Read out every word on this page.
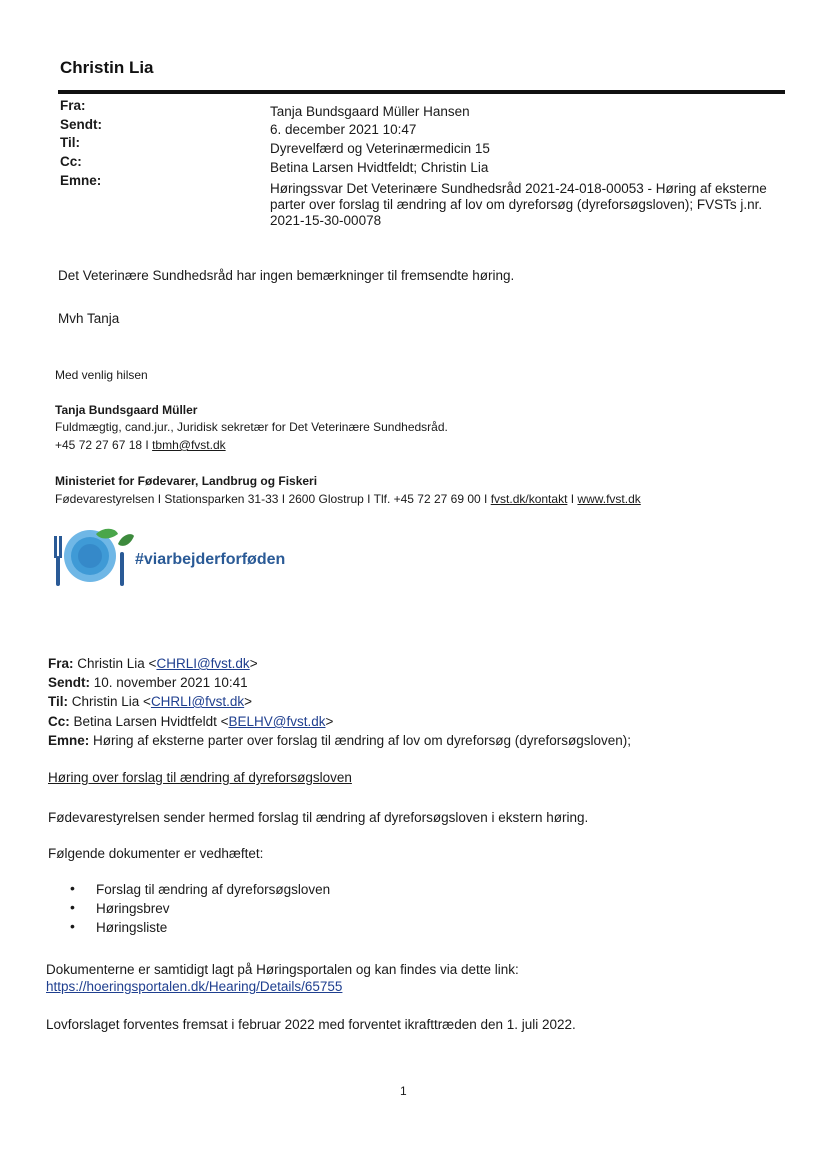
Christin Lia
Fra:
Sendt:
Til:
Cc:
Emne:
Tanja Bundsgaard Müller Hansen
6. december 2021 10:47
Dyrevelfærd og Veterinærmedicin 15
Betina Larsen Hvidtfeldt; Christin Lia
Høringssvar Det Veterinære Sundhedsråd 2021-24-018-00053 - Høring af eksterne
parter over forslag til ændring af lov om dyreforsøg (dyreforsøgsloven); FVSTs j.nr.
2021-15-30-00078
Det Veterinære Sundhedsråd har ingen bemærkninger til fremsendte høring.
Mvh Tanja
Med venlig hilsen
Tanja Bundsgaard Müller
Fuldmægtig, cand.jur., Juridisk sekretær for Det Veterinære Sundhedsråd.
+45 72 27 67 18 I tbmh@fvst.dk
Ministeriet for Fødevarer, Landbrug og Fiskeri
Fødevarestyrelsen I Stationsparken 31-33 I 2600 Glostrup I Tlf. +45 72 27 69 00 I fvst.dk/kontakt I www.fvst.dk
#viarbejderforføden
Fra: Christin Lia <CHRLI@fvst.dk>
Sendt: 10. november 2021 10:41
Til: Christin Lia <CHRLI@fvst.dk>
Cc: Betina Larsen Hvidtfeldt <BELHV@fvst.dk>
Emne: Høring af eksterne parter over forslag til ændring af lov om dyreforsøg (dyreforsøgsloven);
Høring over forslag til ændring af dyreforsøgsloven
Fødevarestyrelsen sender hermed forslag til ændring af dyreforsøgsloven i ekstern høring.
Følgende dokumenter er vedhæftet:
• Forslag til ændring af dyreforsøgsloven
• Høringsbrev
• Høringsliste
Dokumenterne er samtidigt lagt på Høringsportalen og kan findes via dette link:
https://hoeringsportalen.dk/Hearing/Details/65755
Lovforslaget forventes fremsat i februar 2022 med forventet ikrafttræden den 1. juli 2022.
1
